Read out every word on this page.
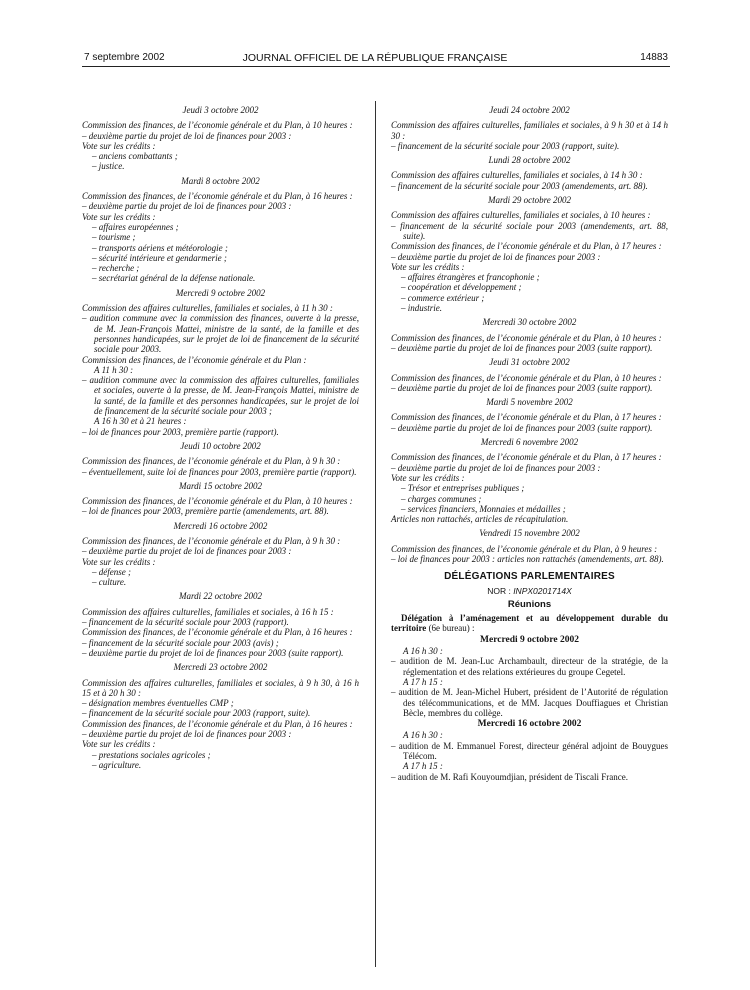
7 septembre 2002	JOURNAL OFFICIEL DE LA RÉPUBLIQUE FRANÇAISE	14883
Jeudi 3 octobre 2002
Commission des finances, de l’économie générale et du Plan, à 10 heures :
– deuxième partie du projet de loi de finances pour 2003 :
Vote sur les crédits :
– anciens combattants ;
– justice.
Mardi 8 octobre 2002
Commission des finances, de l’économie générale et du Plan, à 16 heures :
– deuxième partie du projet de loi de finances pour 2003 :
Vote sur les crédits :
– affaires européennes ;
– tourisme ;
– transports aériens et météorologie ;
– sécurité intérieure et gendarmerie ;
– recherche ;
– secrétariat général de la défense nationale.
Mercredi 9 octobre 2002
Commission des affaires culturelles, familiales et sociales, à 11 h 30 :
– audition commune avec la commission des finances, ouverte à la presse, de M. Jean-François Mattei, ministre de la santé, de la famille et des personnes handicapées, sur le projet de loi de financement de la sécurité sociale pour 2003.
Commission des finances, de l’économie générale et du Plan :
A 11 h 30 :
– audition commune avec la commission des affaires culturelles, familiales et sociales, ouverte à la presse, de M. Jean-François Mattei, ministre de la santé, de la famille et des personnes handicapées, sur le projet de loi de financement de la sécurité sociale pour 2003 ;
A 16 h 30 et à 21 heures :
– loi de finances pour 2003, première partie (rapport).
Jeudi 10 octobre 2002
Commission des finances, de l’économie générale et du Plan, à 9 h 30 :
– éventuellement, suite loi de finances pour 2003, première partie (rapport).
Mardi 15 octobre 2002
Commission des finances, de l’économie générale et du Plan, à 10 heures :
– loi de finances pour 2003, première partie (amendements, art. 88).
Mercredi 16 octobre 2002
Commission des finances, de l’économie générale et du Plan, à 9 h 30 :
– deuxième partie du projet de loi de finances pour 2003 :
Vote sur les crédits :
– défense ;
– culture.
Mardi 22 octobre 2002
Commission des affaires culturelles, familiales et sociales, à 16 h 15 :
– financement de la sécurité sociale pour 2003 (rapport).
Commission des finances, de l’économie générale et du Plan, à 16 heures :
– financement de la sécurité sociale pour 2003 (avis) ;
– deuxième partie du projet de loi de finances pour 2003 (suite rapport).
Mercredi 23 octobre 2002
Commission des affaires culturelles, familiales et sociales, à 9 h 30, à 16 h 15 et à 20 h 30 :
– désignation membres éventuelles CMP ;
– financement de la sécurité sociale pour 2003 (rapport, suite).
Commission des finances, de l’économie générale et du Plan, à 16 heures :
– deuxième partie du projet de loi de finances pour 2003 :
Vote sur les crédits :
– prestations sociales agricoles ;
– agriculture.
Jeudi 24 octobre 2002
Commission des affaires culturelles, familiales et sociales, à 9 h 30 et à 14 h 30 :
– financement de la sécurité sociale pour 2003 (rapport, suite).
Lundi 28 octobre 2002
Commission des affaires culturelles, familiales et sociales, à 14 h 30 :
– financement de la sécurité sociale pour 2003 (amendements, art. 88).
Mardi 29 octobre 2002
Commission des affaires culturelles, familiales et sociales, à 10 heures :
– financement de la sécurité sociale pour 2003 (amendements, art. 88, suite).
Commission des finances, de l’économie générale et du Plan, à 17 heures :
– deuxième partie du projet de loi de finances pour 2003 :
Vote sur les crédits :
– affaires étrangères et francophonie ;
– coopération et développement ;
– commerce extérieur ;
– industrie.
Mercredi 30 octobre 2002
Commission des finances, de l’économie générale et du Plan, à 10 heures :
– deuxième partie du projet de loi de finances pour 2003 (suite rapport).
Jeudi 31 octobre 2002
Commission des finances, de l’économie générale et du Plan, à 10 heures :
– deuxième partie du projet de loi de finances pour 2003 (suite rapport).
Mardi 5 novembre 2002
Commission des finances, de l’économie générale et du Plan, à 17 heures :
– deuxième partie du projet de loi de finances pour 2003 (suite rapport).
Mercredi 6 novembre 2002
Commission des finances, de l’économie générale et du Plan, à 17 heures :
– deuxième partie du projet de loi de finances pour 2003 :
Vote sur les crédits :
– Trésor et entreprises publiques ;
– charges communes ;
– services financiers, Monnaies et médailles ;
Articles non rattachés, articles de récapitulation.
Vendredi 15 novembre 2002
Commission des finances, de l’économie générale et du Plan, à 9 heures :
– loi de finances pour 2003 : articles non rattachés (amendements, art. 88).
DÉLÉGATIONS PARLEMENTAIRES
NOR : INPX0201714X
Réunions
Délégation à l’aménagement et au développement durable du territoire (6e bureau) :
Mercredi 9 octobre 2002
A 16 h 30 :
– audition de M. Jean-Luc Archambault, directeur de la stratégie, de la réglementation et des relations extérieures du groupe Cegetel.
A 17 h 15 :
– audition de M. Jean-Michel Hubert, président de l’Autorité de régulation des télécommunications, et de MM. Jacques Douffiagues et Christian Bècle, membres du collège.
Mercredi 16 octobre 2002
A 16 h 30 :
– audition de M. Emmanuel Forest, directeur général adjoint de Bouygues Télécom.
A 17 h 15 :
– audition de M. Rafi Kouyoumdjian, président de Tiscali France.
